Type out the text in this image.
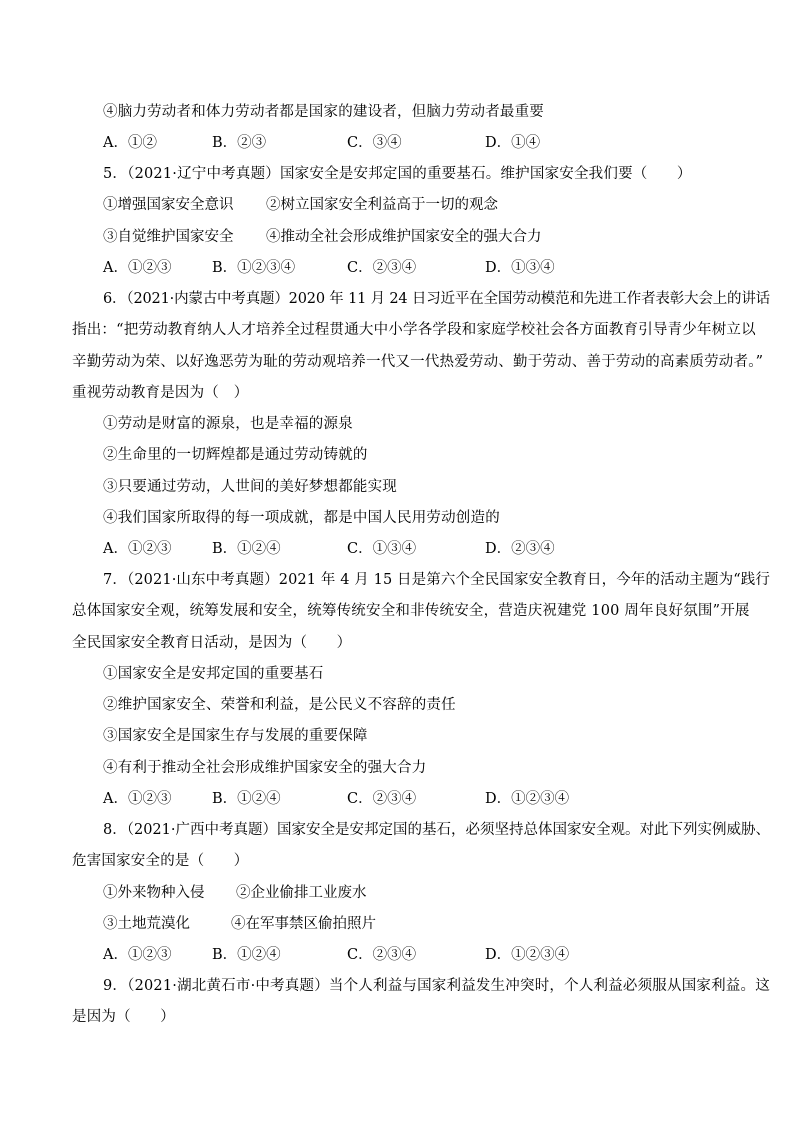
④脑力劳动者和体力劳动者都是国家的建设者，但脑力劳动者最重要
A．①②	B．②③	C．③④	D．①④
5．（2021·辽宁中考真题）国家安全是安邦定国的重要基石。维护国家安全我们要（　　）
①增强国家安全意识 ②树立国家安全利益高于一切的观念
③自觉维护国家安全 ④推动全社会形成维护国家安全的强大合力
A．①②③	B．①②③④	C．②③④	D．①③④
6．（2021·内蒙古中考真题）2020 年 11 月 24 日习近平在全国劳动模范和先进工作者表彰大会上的讲话
指出：“把劳动教育纳人人才培养全过程贯通大中小学各学段和家庭学校社会各方面教育引导青少年树立以
辛勤劳动为荣、以好逸恶劳为耻的劳动观培养一代又一代热爱劳动、勤于劳动、善于劳动的高素质劳动者。”
重视劳动教育是因为（　）
①劳动是财富的源泉，也是幸福的源泉
②生命里的一切辉煌都是通过劳动铸就的
③只要通过劳动，人世间的美好梦想都能实现
④我们国家所取得的每一项成就，都是中国人民用劳动创造的
A．①②③	B．①②④	C．①③④	D．②③④
7．（2021·山东中考真题）2021 年 4 月 15 日是第六个全民国家安全教育日，今年的活动主题为“践行
总体国家安全观，统筹发展和安全，统筹传统安全和非传统安全，营造庆祝建党 100 周年良好氛围”开展
全民国家安全教育日活动，是因为（　　）
①国家安全是安邦定国的重要基石
②维护国家安全、荣誉和利益，是公民义不容辞的责任
③国家安全是国家生存与发展的重要保障
④有利于推动全社会形成维护国家安全的强大合力
A．①②③	B．①②④	C．②③④	D．①②③④
8．（2021·广西中考真题）国家安全是安邦定国的基石，必须坚持总体国家安全观。对此下列实例威胁、
危害国家安全的是（　　）
①外来物种入侵 ②企业偷排工业废水
③土地荒漠化	④在军事禁区偷拍照片
A．①②③	B．①②④	C．②③④	D．①②③④
9．（2021·湖北黄石市·中考真题）当个人利益与国家利益发生冲突时，个人利益必须服从国家利益。这
是因为（　　）
